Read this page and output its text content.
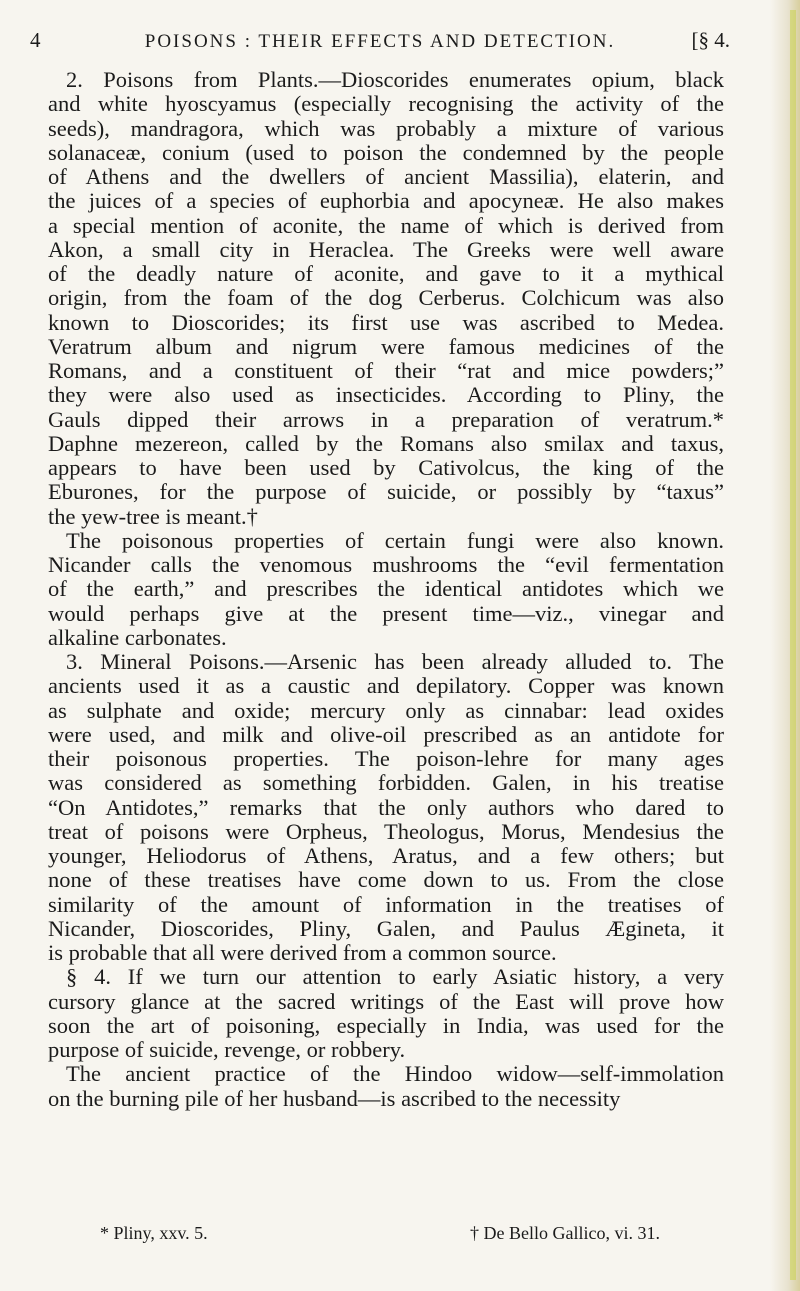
4	POISONS : THEIR EFFECTS AND DETECTION.	[§ 4.
2. Poisons from Plants.—Dioscorides enumerates opium, black
and white hyoscyamus (especially recognising the activity of the
seeds), mandragora, which was probably a mixture of various
solanaceæ, conium (used to poison the condemned by the people
of Athens and the dwellers of ancient Massilia), elaterin, and
the juices of a species of euphorbia and apocyneæ. He also makes
a special mention of aconite, the name of which is derived from
Akon, a small city in Heraclea. The Greeks were well aware
of the deadly nature of aconite, and gave to it a mythical
origin, from the foam of the dog Cerberus. Colchicum was also
known to Dioscorides; its first use was ascribed to Medea.
Veratrum album and nigrum were famous medicines of the
Romans, and a constituent of their “rat and mice powders;”
they were also used as insecticides. According to Pliny, the
Gauls dipped their arrows in a preparation of veratrum.*
Daphne mezereon, called by the Romans also smilax and taxus,
appears to have been used by Cativolcus, the king of the
Eburones, for the purpose of suicide, or possibly by “taxus”
the yew-tree is meant.†
The poisonous properties of certain fungi were also known.
Nicander calls the venomous mushrooms the “evil fermentation
of the earth,” and prescribes the identical antidotes which we
would perhaps give at the present time—viz., vinegar and
alkaline carbonates.
3. Mineral Poisons.—Arsenic has been already alluded to. The
ancients used it as a caustic and depilatory. Copper was known
as sulphate and oxide; mercury only as cinnabar: lead oxides
were used, and milk and olive-oil prescribed as an antidote for
their poisonous properties. The poison-lehre for many ages
was considered as something forbidden. Galen, in his treatise
“On Antidotes,” remarks that the only authors who dared to
treat of poisons were Orpheus, Theologus, Morus, Mendesius the
younger, Heliodorus of Athens, Aratus, and a few others; but
none of these treatises have come down to us. From the close
similarity of the amount of information in the treatises of
Nicander, Dioscorides, Pliny, Galen, and Paulus Ægineta, it
is probable that all were derived from a common source.
§ 4. If we turn our attention to early Asiatic history, a very
cursory glance at the sacred writings of the East will prove how
soon the art of poisoning, especially in India, was used for the
purpose of suicide, revenge, or robbery.
The ancient practice of the Hindoo widow—self-immolation
on the burning pile of her husband—is ascribed to the necessity
* Pliny, xxv. 5.	† De Bello Gallico, vi. 31.
